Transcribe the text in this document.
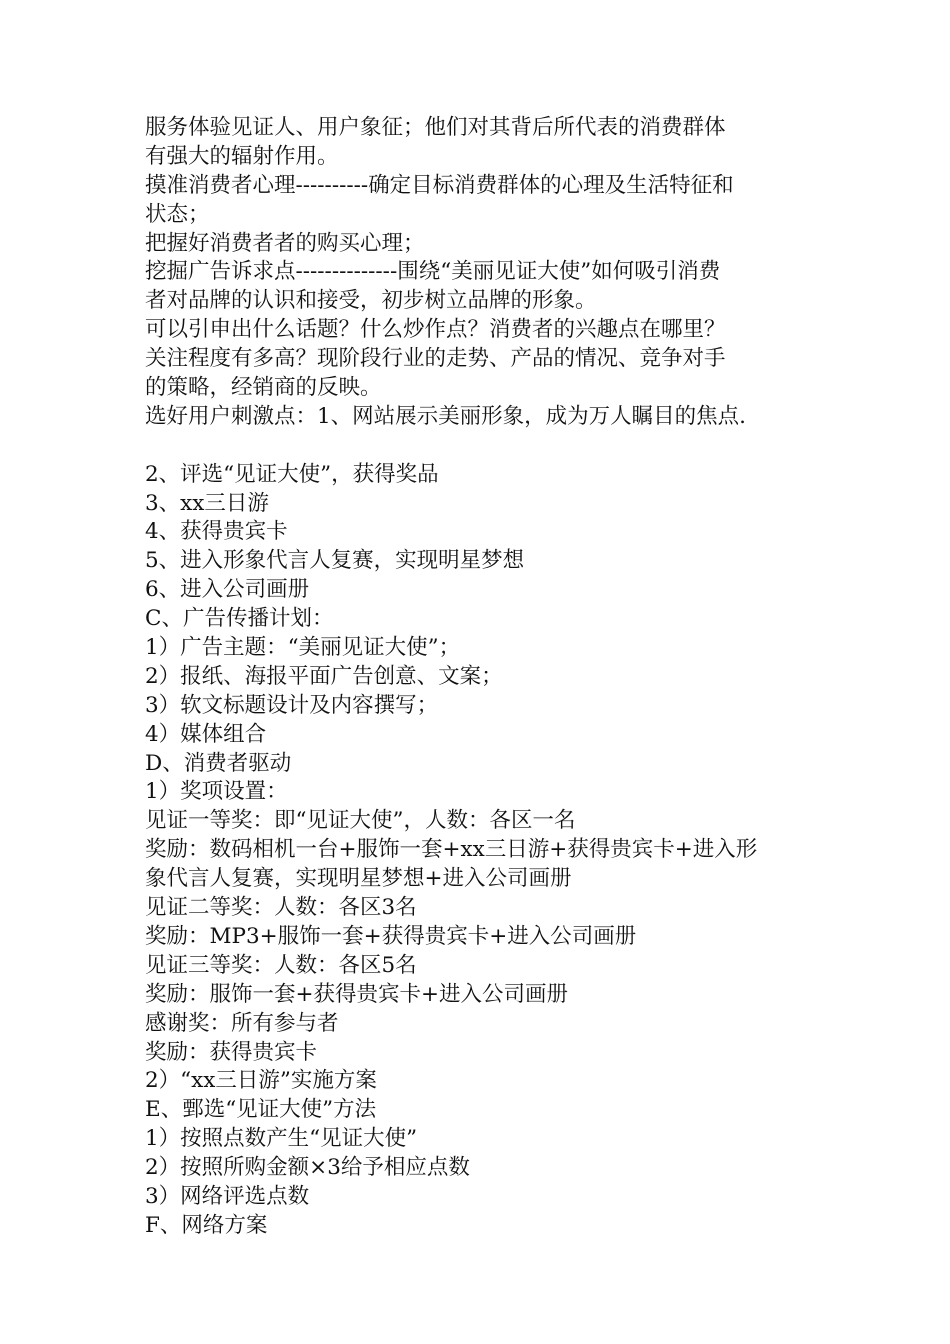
服务体验见证人、用户象征；他们对其背后所代表的消费群体
有强大的辐射作用。
摸准消费者心理----------确定目标消费群体的心理及生活特征和
状态；
把握好消费者者的购买心理；
挖掘广告诉求点--------------围绕“美丽见证大使”如何吸引消费
者对品牌的认识和接受，初步树立品牌的形象。
可以引申出什么话题？什么炒作点？消费者的兴趣点在哪里？
关注程度有多高？现阶段行业的走势、产品的情况、竞争对手
的策略，经销商的反映。
选好用户刺激点：1、网站展示美丽形象，成为万人瞩目的焦点.
2、评选“见证大使”，获得奖品
3、xx三日游
4、获得贵宾卡
5、进入形象代言人复赛，实现明星梦想
6、进入公司画册
C、广告传播计划：
1）广告主题：“美丽见证大使”；
2）报纸、海报平面广告创意、文案；
3）软文标题设计及内容撰写；
4）媒体组合
D、消费者驱动
1）奖项设置：
见证一等奖：即“见证大使”，人数：各区一名
奖励：数码相机一台+服饰一套+xx三日游+获得贵宾卡+进入形
象代言人复赛，实现明星梦想+进入公司画册
见证二等奖：人数：各区3名
奖励：MP3+服饰一套+获得贵宾卡+进入公司画册
见证三等奖：人数：各区5名
奖励：服饰一套+获得贵宾卡+进入公司画册
感谢奖：所有参与者
奖励：获得贵宾卡
2）“xx三日游”实施方案
E、鄄选“见证大使”方法
1）按照点数产生“见证大使”
2）按照所购金额×3给予相应点数
3）网络评选点数
F、网络方案
